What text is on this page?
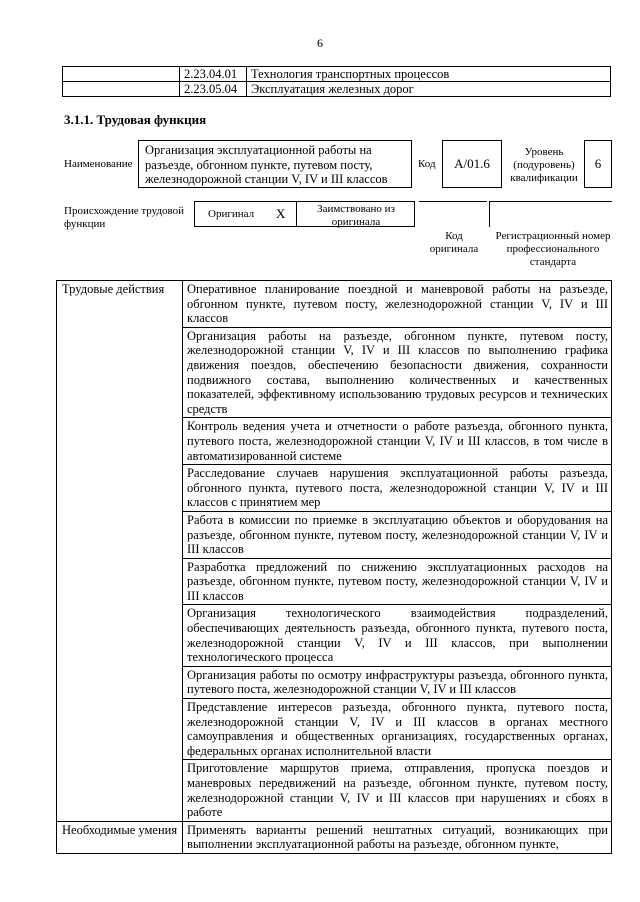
6
	2.23.04.01	Технология транспортных процессов
	2.23.05.04	Эксплуатация железных дорог
3.1.1. Трудовая функция
Наименование
Организация эксплуатационной работы на разъезде, обгонном пункте, путевом посту, железнодорожной станции V, IV и III классов
Код	A/01.6
Уровень (подуровень) квалификации
6
Происхождение трудовой функции
Оригинал X	Заимствовано из оригинала
Код оригинала
Регистрационный номер профессионального стандарта
Трудовые действия	Оперативное планирование поездной и маневровой работы на разъезде, обгонном пункте, путевом посту, железнодорожной станции V, IV и III классов
	Организация работы на разъезде, обгонном пункте, путевом посту, железнодорожной станции V, IV и III классов по выполнению графика движения поездов, обеспечению безопасности движения, сохранности подвижного состава, выполнению количественных и качественных показателей, эффективному использованию трудовых ресурсов и технических средств
	Контроль ведения учета и отчетности о работе разъезда, обгонного пункта, путевого поста, железнодорожной станции V, IV и III классов, в том числе в автоматизированной системе
	Расследование случаев нарушения эксплуатационной работы разъезда, обгонного пункта, путевого поста, железнодорожной станции V, IV и III классов с принятием мер
	Работа в комиссии по приемке в эксплуатацию объектов и оборудования на разъезде, обгонном пункте, путевом посту, железнодорожной станции V, IV и III классов
	Разработка предложений по снижению эксплуатационных расходов на разъезде, обгонном пункте, путевом посту, железнодорожной станции V, IV и III классов
	Организация технологического взаимодействия подразделений, обеспечивающих деятельность разъезда, обгонного пункта, путевого поста, железнодорожной станции V, IV и III классов, при выполнении технологического процесса
	Организация работы по осмотру инфраструктуры разъезда, обгонного пункта, путевого поста, железнодорожной станции V, IV и III классов
	Представление интересов разъезда, обгонного пункта, путевого поста, железнодорожной станции V, IV и III классов в органах местного самоуправления и общественных организациях, государственных органах, федеральных органах исполнительной власти
	Приготовление маршрутов приема, отправления, пропуска поездов и маневровых передвижений на разъезде, обгонном пункте, путевом посту, железнодорожной станции V, IV и III классов при нарушениях и сбоях в работе
Необходимые умения	Применять варианты решений нештатных ситуаций, возникающих при выполнении эксплуатационной работы на разъезде, обгонном пункте,
